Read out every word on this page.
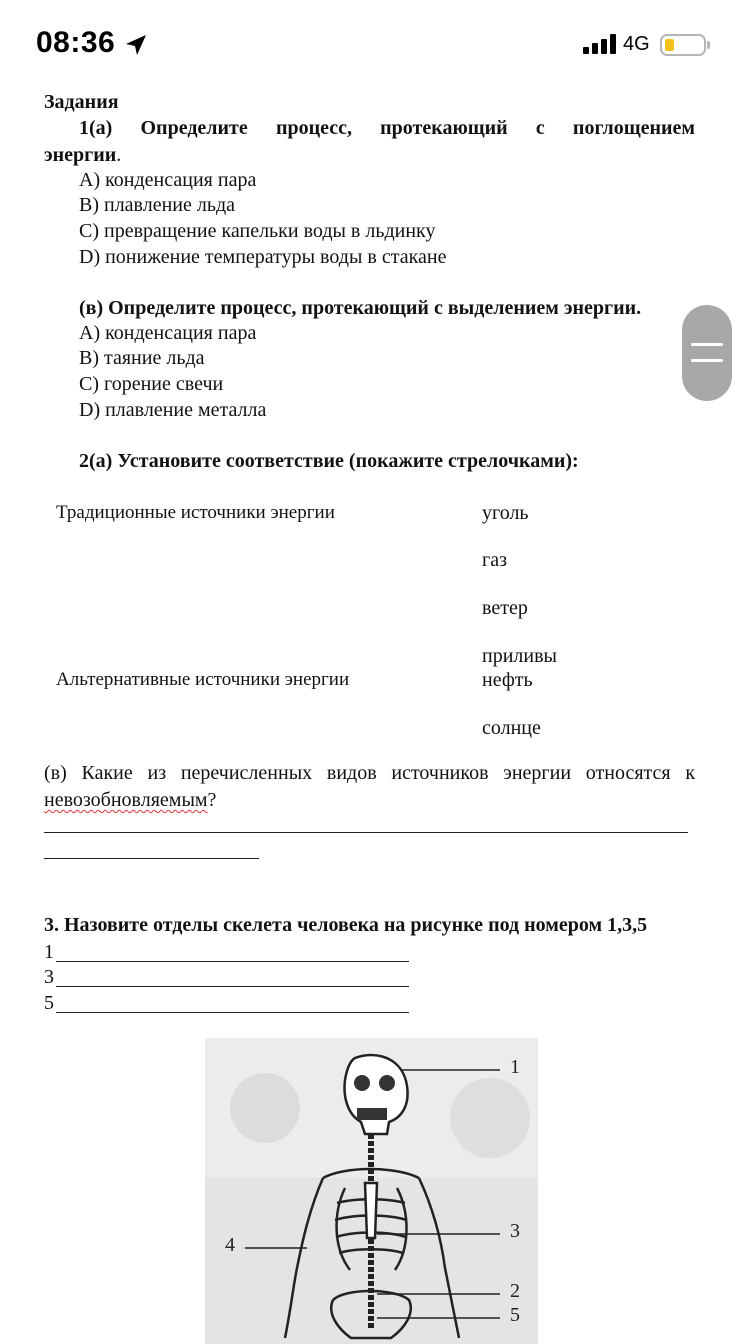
08:36	4G
Задания
1(а) Определите процесс, протекающий с поглощением
энергии.
A) конденсация пара
B) плавление льда
C) превращение капельки воды в льдинку
D) понижение температуры воды в стакане
(в) Определите процесс, протекающий с выделением энергии.
A) конденсация пара
B) таяние льда
C) горение свечи
D) плавление металла
2(а) Установите соответствие (покажите стрелочками):
Традиционные источники энергии
Альтернативные источники энергии
уголь
газ
ветер
приливы
нефть
солнце
(в) Какие из перечисленных видов источников энергии относятся к
невозобновляемым?
3. Назовите отделы скелета человека на рисунке под номером 1,3,5
1
3
5
1
3
4
2
5
